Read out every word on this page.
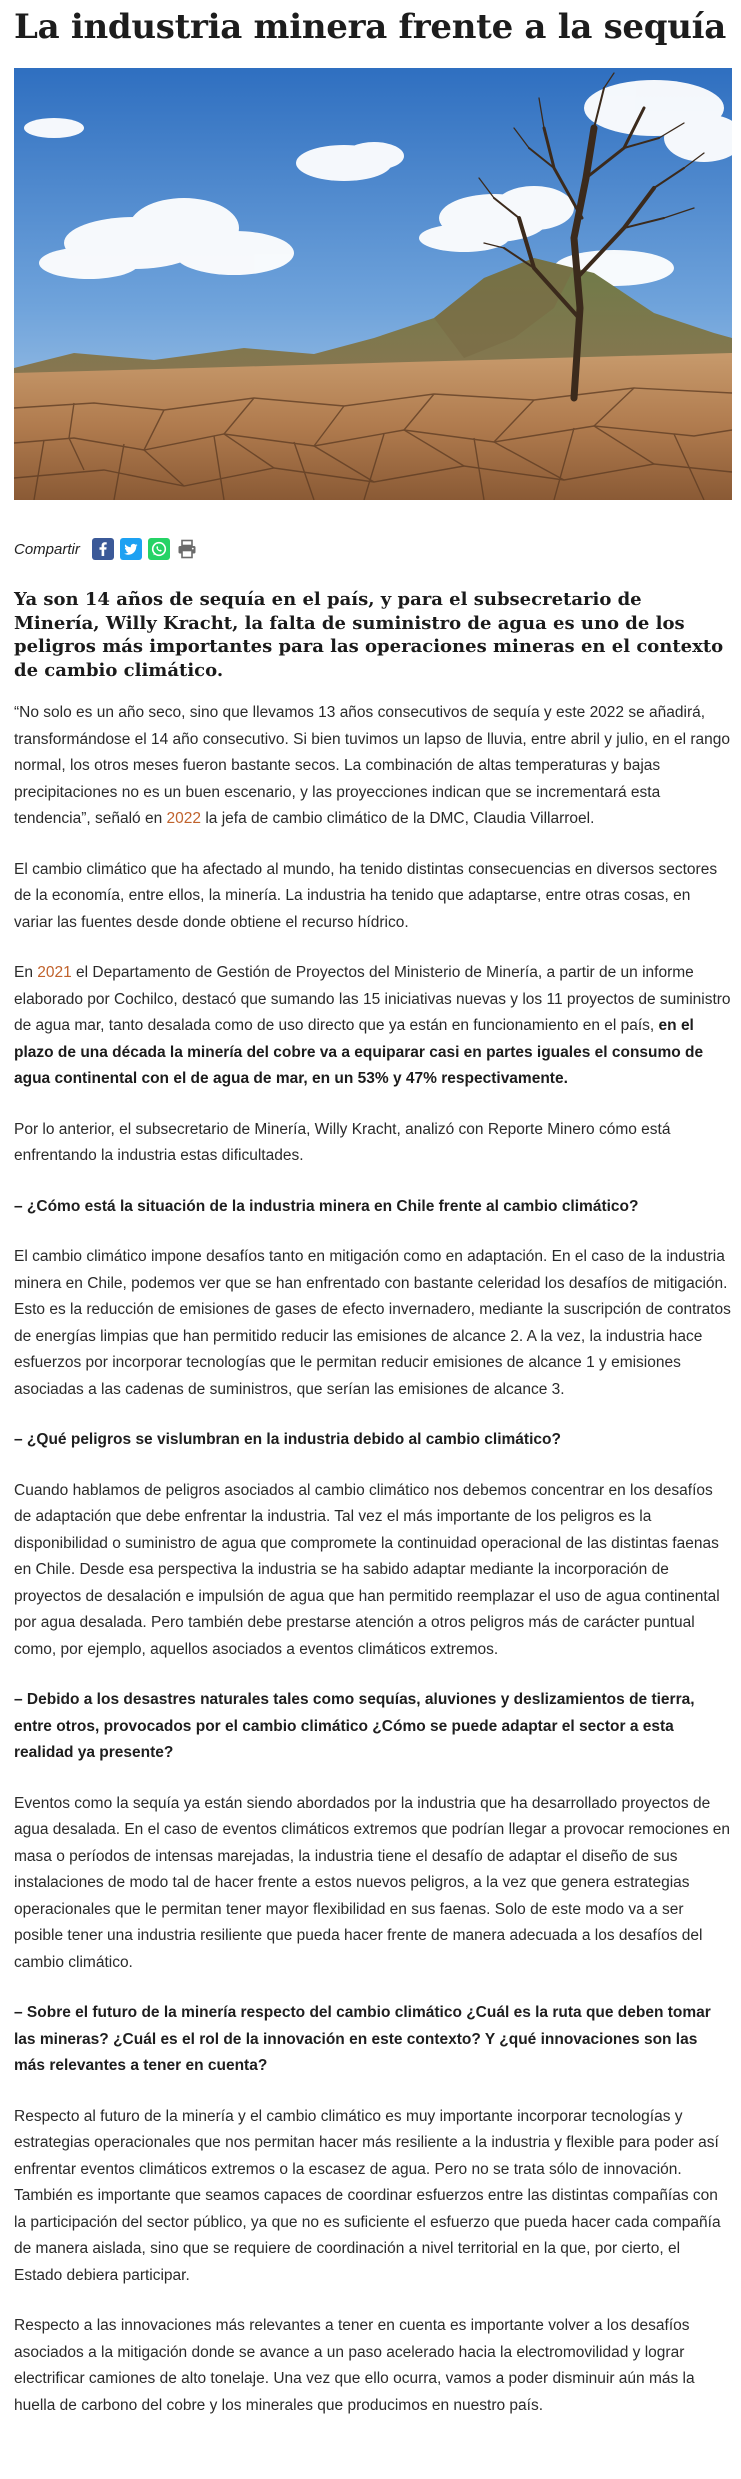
La industria minera frente a la sequía
Compartir

Ya son 14 años de sequía en el país, y para el subsecretario de Minería, Willy Kracht, la falta de suministro de agua es uno de los peligros más importantes para las operaciones mineras en el contexto de cambio climático.

“No solo es un año seco, sino que llevamos 13 años consecutivos de sequía y este 2022 se añadirá, transformándose el 14 año consecutivo. Si bien tuvimos un lapso de lluvia, entre abril y julio, en el rango normal, los otros meses fueron bastante secos. La combinación de altas temperaturas y bajas precipitaciones no es un buen escenario, y las proyecciones indican que se incrementará esta tendencia”, señaló en 2022 la jefa de cambio climático de la DMC, Claudia Villarroel.

El cambio climático que ha afectado al mundo, ha tenido distintas consecuencias en diversos sectores de la economía, entre ellos, la minería. La industria ha tenido que adaptarse, entre otras cosas, en variar las fuentes desde donde obtiene el recurso hídrico.

En 2021 el Departamento de Gestión de Proyectos del Ministerio de Minería, a partir de un informe elaborado por Cochilco, destacó que sumando las 15 iniciativas nuevas y los 11 proyectos de suministro de agua mar, tanto desalada como de uso directo que ya están en funcionamiento en el país, en el plazo de una década la minería del cobre va a equiparar casi en partes iguales el consumo de agua continental con el de agua de mar, en un 53% y 47% respectivamente.

Por lo anterior, el subsecretario de Minería, Willy Kracht, analizó con Reporte Minero cómo está enfrentando la industria estas dificultades.

– ¿Cómo está la situación de la industria minera en Chile frente al cambio climático?

El cambio climático impone desafíos tanto en mitigación como en adaptación. En el caso de la industria minera en Chile, podemos ver que se han enfrentado con bastante celeridad los desafíos de mitigación. Esto es la reducción de emisiones de gases de efecto invernadero, mediante la suscripción de contratos de energías limpias que han permitido reducir las emisiones de alcance 2. A la vez, la industria hace esfuerzos por incorporar tecnologías que le permitan reducir emisiones de alcance 1 y emisiones asociadas a las cadenas de suministros, que serían las emisiones de alcance 3.

– ¿Qué peligros se vislumbran en la industria debido al cambio climático?

Cuando hablamos de peligros asociados al cambio climático nos debemos concentrar en los desafíos de adaptación que debe enfrentar la industria. Tal vez el más importante de los peligros es la disponibilidad o suministro de agua que compromete la continuidad operacional de las distintas faenas en Chile. Desde esa perspectiva la industria se ha sabido adaptar mediante la incorporación de proyectos de desalación e impulsión de agua que han permitido reemplazar el uso de agua continental por agua desalada. Pero también debe prestarse atención a otros peligros más de carácter puntual como, por ejemplo, aquellos asociados a eventos climáticos extremos.

– Debido a los desastres naturales tales como sequías, aluviones y deslizamientos de tierra, entre otros, provocados por el cambio climático ¿Cómo se puede adaptar el sector a esta realidad ya presente?

Eventos como la sequía ya están siendo abordados por la industria que ha desarrollado proyectos de agua desalada. En el caso de eventos climáticos extremos que podrían llegar a provocar remociones en masa o períodos de intensas marejadas, la industria tiene el desafío de adaptar el diseño de sus instalaciones de modo tal de hacer frente a estos nuevos peligros, a la vez que genera estrategias operacionales que le permitan tener mayor flexibilidad en sus faenas. Solo de este modo va a ser posible tener una industria resiliente que pueda hacer frente de manera adecuada a los desafíos del cambio climático.

– Sobre el futuro de la minería respecto del cambio climático ¿Cuál es la ruta que deben tomar las mineras? ¿Cuál es el rol de la innovación en este contexto? Y ¿qué innovaciones son las más relevantes a tener en cuenta?

Respecto al futuro de la minería y el cambio climático es muy importante incorporar tecnologías y estrategias operacionales que nos permitan hacer más resiliente a la industria y flexible para poder así enfrentar eventos climáticos extremos o la escasez de agua. Pero no se trata sólo de innovación. También es importante que seamos capaces de coordinar esfuerzos entre las distintas compañías con la participación del sector público, ya que no es suficiente el esfuerzo que pueda hacer cada compañía de manera aislada, sino que se requiere de coordinación a nivel territorial en la que, por cierto, el Estado debiera participar.

Respecto a las innovaciones más relevantes a tener en cuenta es importante volver a los desafíos asociados a la mitigación donde se avance a un paso acelerado hacia la electromovilidad y lograr electrificar camiones de alto tonelaje. Una vez que ello ocurra, vamos a poder disminuir aún más la huella de carbono del cobre y los minerales que producimos en nuestro país.
